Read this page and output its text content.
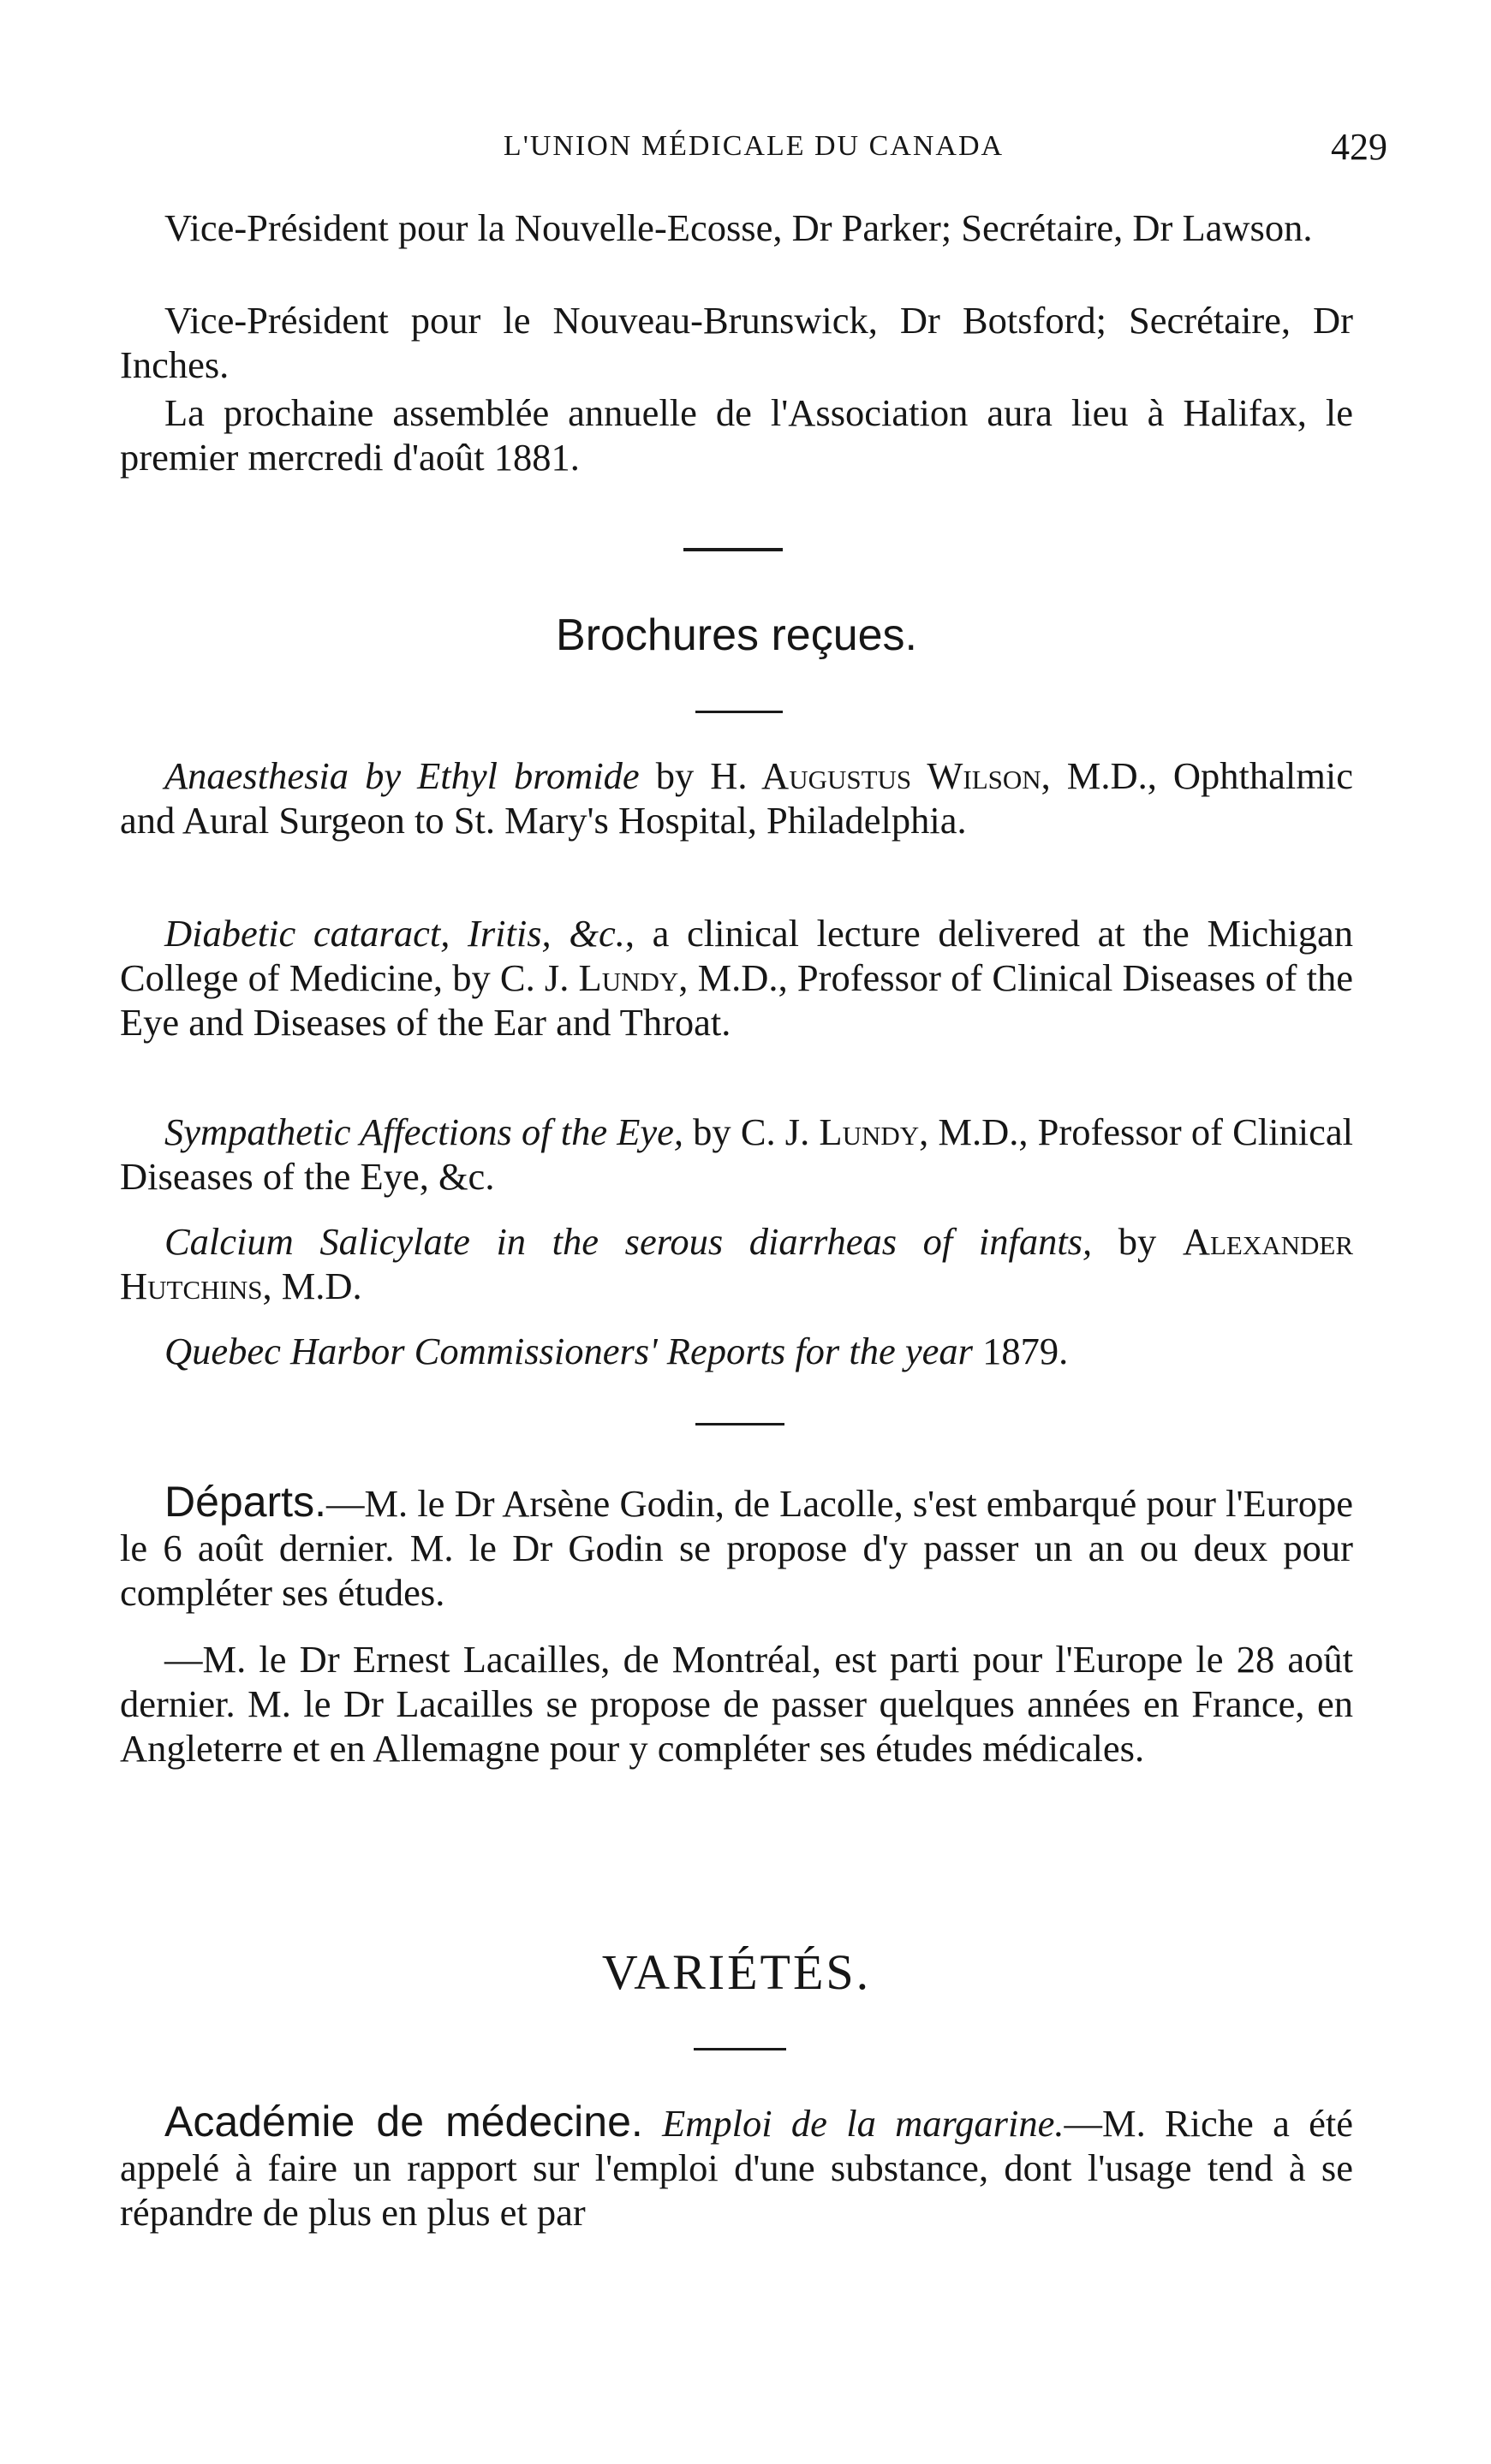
L'UNION MÉDICALE DU CANADA	429

Vice-Président pour la Nouvelle-Ecosse, Dr Parker; Secrétaire, Dr Lawson.

Vice-Président pour le Nouveau-Brunswick, Dr Botsford; Secrétaire, Dr Inches.

La prochaine assemblée annuelle de l'Association aura lieu à Halifax, le premier mercredi d'août 1881.

Brochures reçues.

Anaesthesia by Ethyl bromide by H. Augustus Wilson, M.D., Ophthalmic and Aural Surgeon to St. Mary's Hospital, Philadelphia.

Diabetic cataract, Iritis, &c., a clinical lecture delivered at the Michigan College of Medicine, by C. J. Lundy, M.D., Professor of Clinical Diseases of the Eye and Diseases of the Ear and Throat.

Sympathetic Affections of the Eye, by C. J. Lundy, M.D., Professor of Clinical Diseases of the Eye, &c.

Calcium Salicylate in the serous diarrheas of infants, by Alexander Hutchins, M.D.

Quebec Harbor Commissioners' Reports for the year 1879.

Départs.—M. le Dr Arsène Godin, de Lacolle, s'est embarqué pour l'Europe le 6 août dernier. M. le Dr Godin se propose d'y passer un an ou deux pour compléter ses études.

—M. le Dr Ernest Lacailles, de Montréal, est parti pour l'Europe le 28 août dernier. M. le Dr Lacailles se propose de passer quelques années en France, en Angleterre et en Allemagne pour y compléter ses études médicales.

VARIÉTÉS.

Académie de médecine. Emploi de la margarine.—M. Riche a été appelé à faire un rapport sur l'emploi d'une substance, dont l'usage tend à se répandre de plus en plus et par
